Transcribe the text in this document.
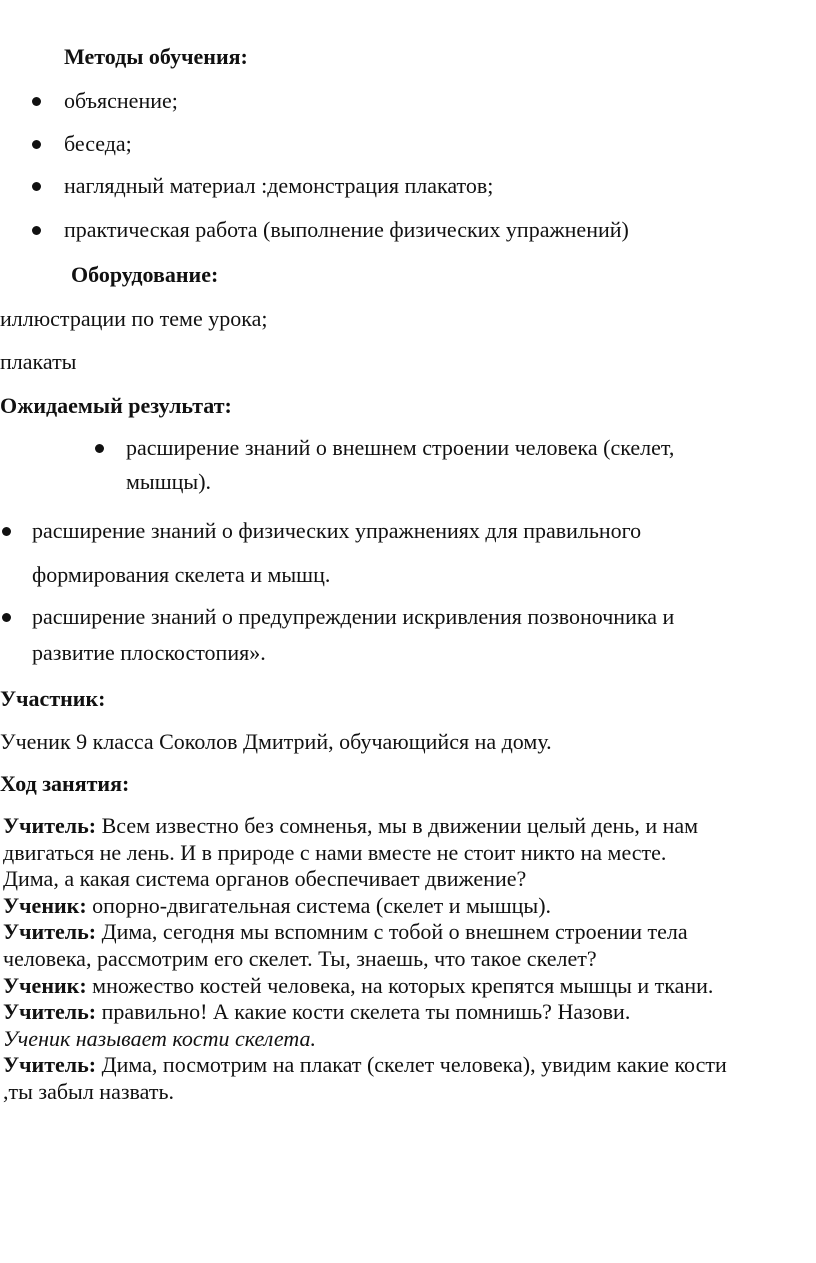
Методы обучения:
объяснение;
беседа;
наглядный материал :демонстрация плакатов;
практическая работа (выполнение физических упражнений)
Оборудование:
иллюстрации по теме урока;
плакаты
Ожидаемый результат:
расширение знаний о внешнем строении человека (скелет,
мышцы).
расширение знаний о физических упражнениях для правильного
формирования скелета и мышц.
расширение знаний о предупреждении искривления позвоночника и
развитие плоскостопия».
Участник:
Ученик 9 класса Соколов Дмитрий, обучающийся на дому.
Ход занятия:

Учитель: Всем известно без сомненья, мы в движении целый день, и нам

двигаться не лень. И в природе с нами вместе не стоит никто на месте.

Дима, а какая система органов обеспечивает движение?

Ученик: опорно-двигательная система (скелет и мышцы).

Учитель: Дима, сегодня мы вспомним с тобой о внешнем строении тела

человека, рассмотрим его скелет. Ты, знаешь, что такое скелет?

Ученик: множество костей человека, на которых крепятся мышцы и ткани.

Учитель: правильно! А какие кости скелета ты помнишь? Назови.

Ученик называет кости скелета.

Учитель: Дима, посмотрим на плакат (скелет человека), увидим какие кости

,ты забыл назвать.
